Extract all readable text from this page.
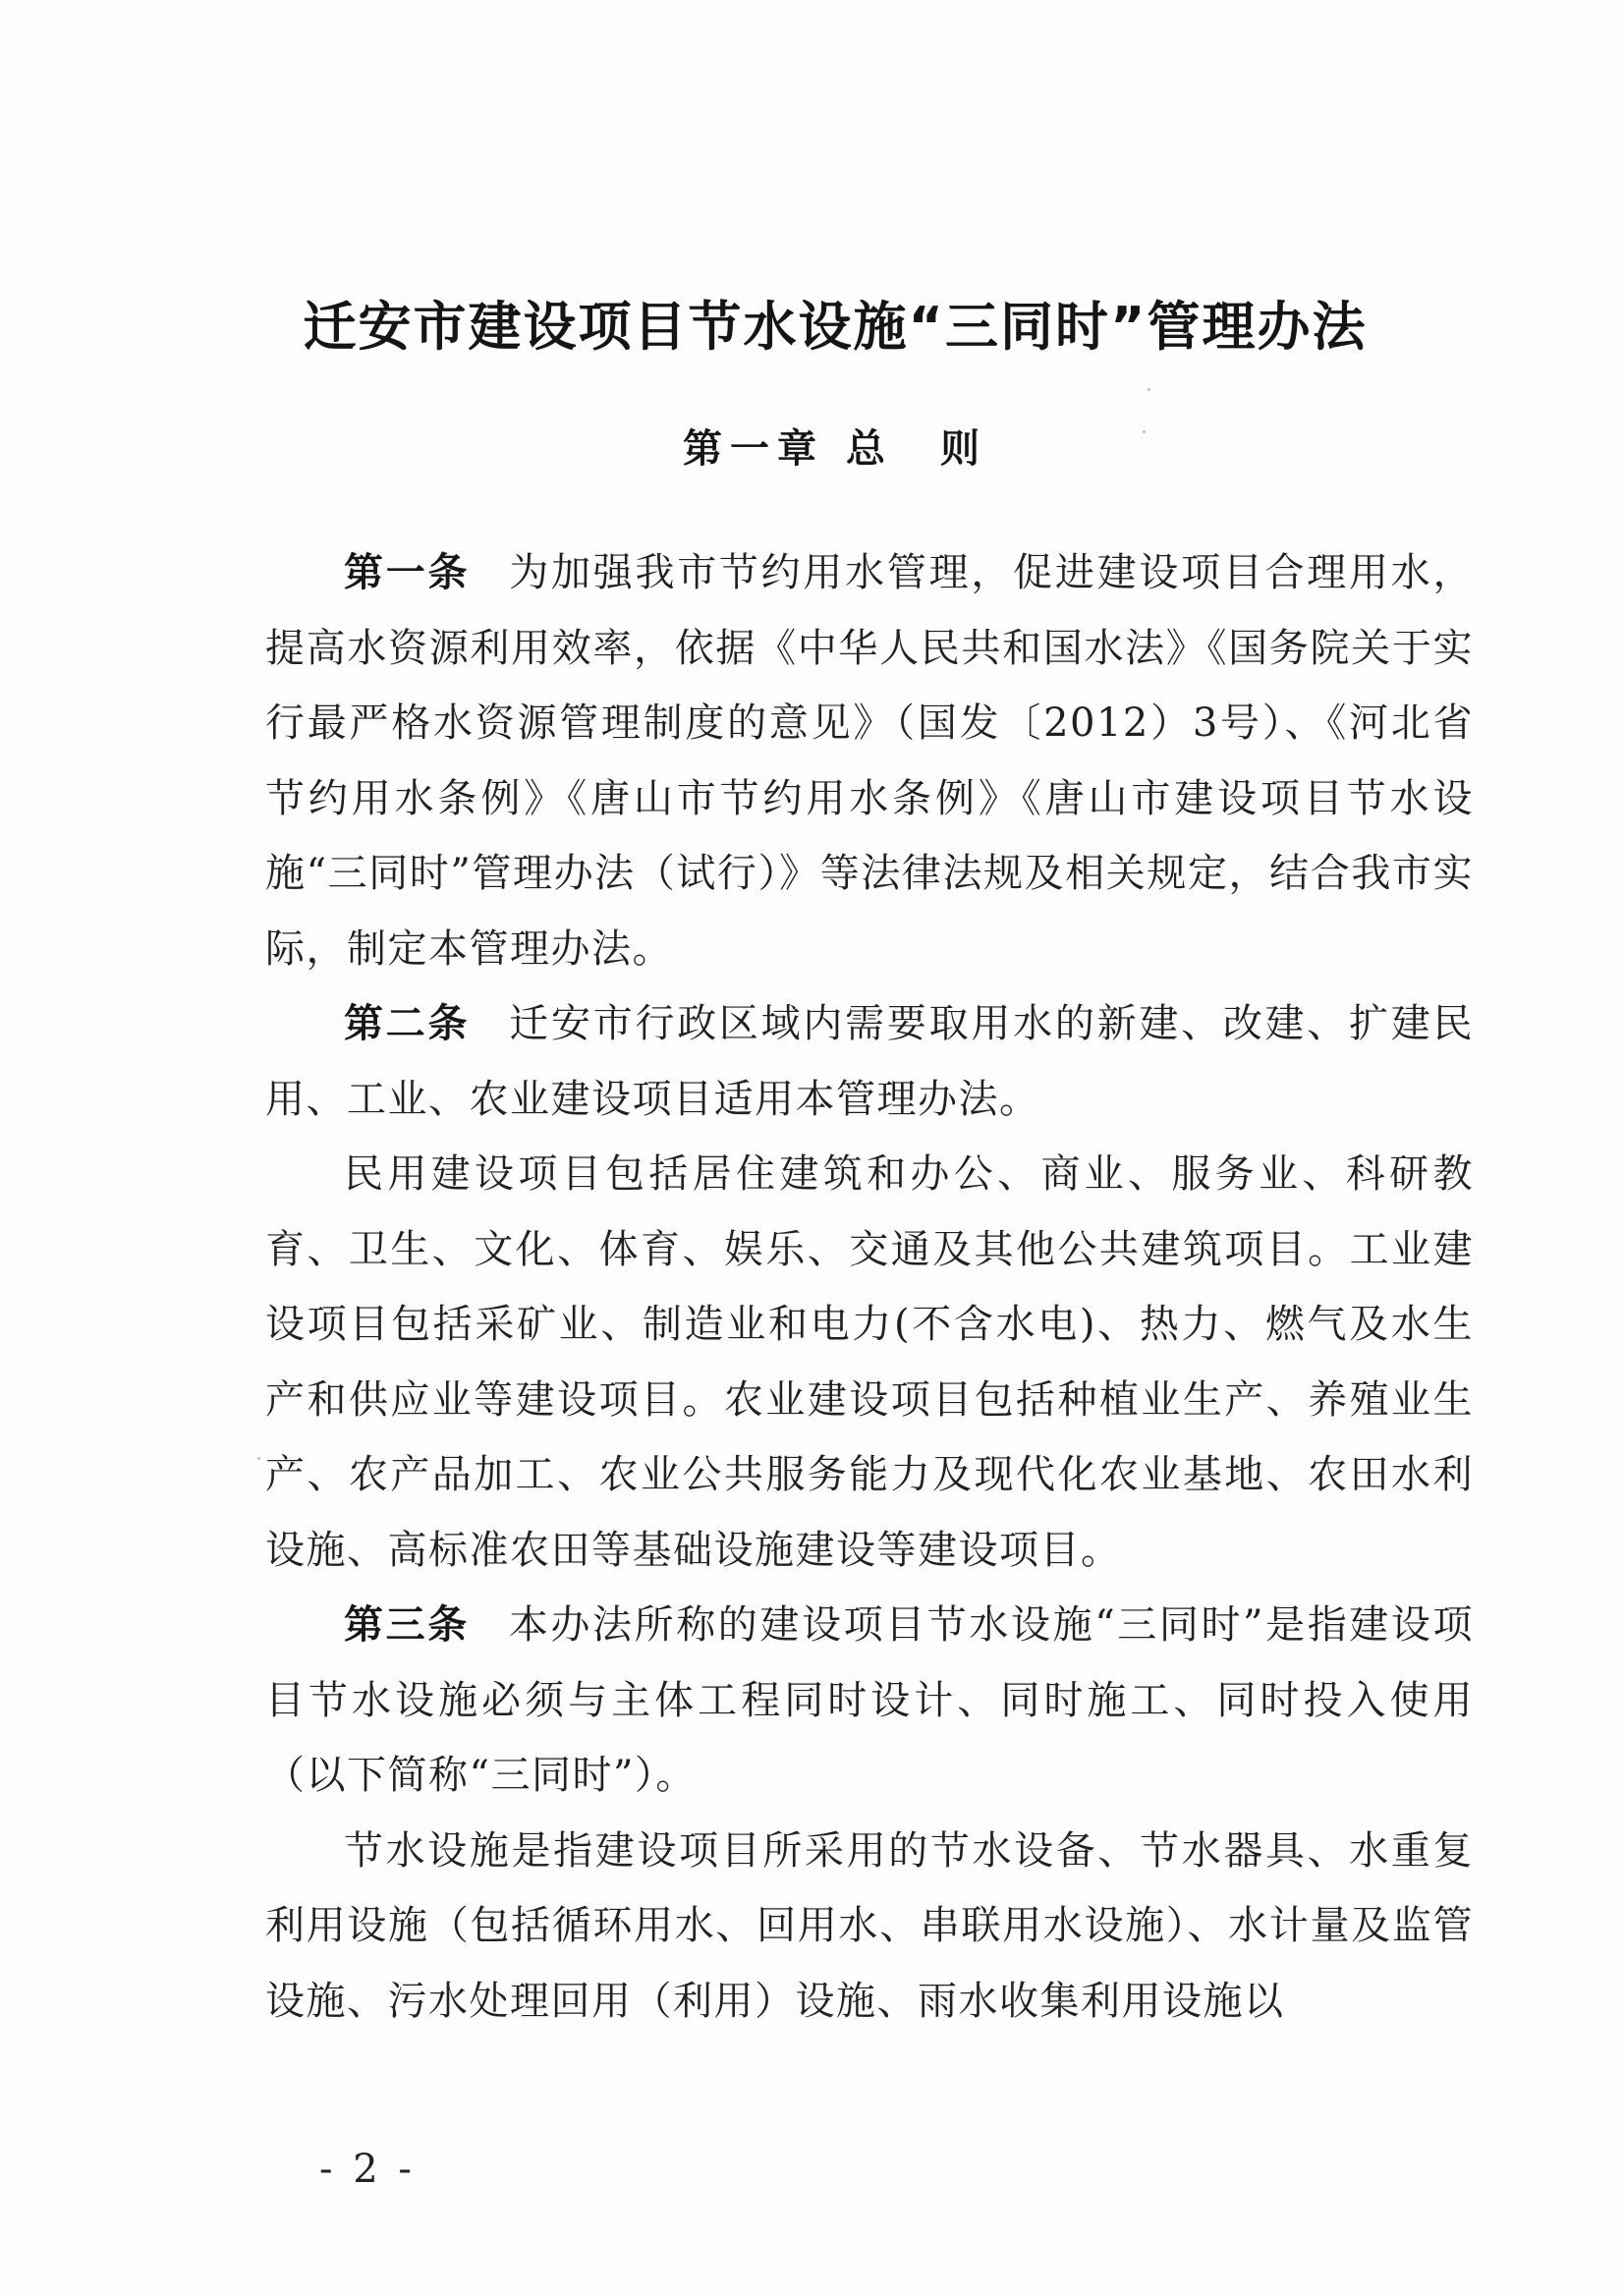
迁安市建设项目节水设施“三同时”管理办法
第一章 总　则

第一条 为加强我市节约用水管理，促进建设项目合理用水，提高水资源利用效率，依据《中华人民共和国水法》《国务院关于实行最严格水资源管理制度的意见》（国发〔2012）3号）、《河北省节约用水条例》《唐山市节约用水条例》《唐山市建设项目节水设施“三同时”管理办法（试行）》等法律法规及相关规定，结合我市实际，制定本管理办法。

第二条 迁安市行政区域内需要取用水的新建、改建、扩建民用、工业、农业建设项目适用本管理办法。

民用建设项目包括居住建筑和办公、商业、服务业、科研教育、卫生、文化、体育、娱乐、交通及其他公共建筑项目。工业建设项目包括采矿业、制造业和电力(不含水电)、热力、燃气及水生产和供应业等建设项目。农业建设项目包括种植业生产、养殖业生产、农产品加工、农业公共服务能力及现代化农业基地、农田水利设施、高标准农田等基础设施建设等建设项目。

第三条 本办法所称的建设项目节水设施“三同时”是指建设项目节水设施必须与主体工程同时设计、同时施工、同时投入使用（以下简称“三同时”）。

节水设施是指建设项目所采用的节水设备、节水器具、水重复利用设施（包括循环用水、回用水、串联用水设施）、水计量及监管设施、污水处理回用（利用）设施、雨水收集利用设施以

- 2 -
